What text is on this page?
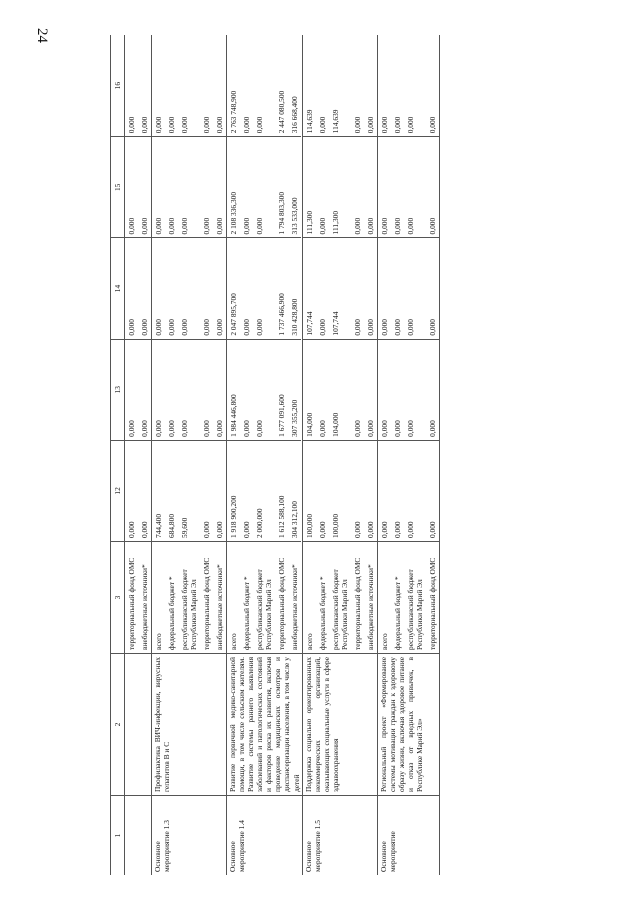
24
1
2
3
12
13
14
15
16
территориальный фонд ОМС
0,000
0,000
0,000
0,000
0,000
внебюджетные источники*
0,000
0,000
0,000
0,000
0,000
Основное мероприятие 1.3
Профилактика ВИЧ-инфекции, вирусных гепатитов В и С
всего
744,400
0,000
0,000
0,000
0,000
федеральный бюджет *
684,800
0,000
0,000
0,000
0,000
республиканский бюджет Республики Марий Эл
59,600
0,000
0,000
0,000
0,000
территориальный фонд ОМС
0,000
0,000
0,000
0,000
0,000
внебюджетные источники*
0,000
0,000
0,000
0,000
0,000
Основное мероприятие 1.4
Развитие первичной медико-санитарной помощи, в том числе сельским жителям. Развитие системы раннего выявления заболеваний и патологических состояний и факторов риска их развития, включая проведение медицинских осмотров и диспансеризации населения, в том числе у детей
всего
1 918 900,200
1 984 446,800
2 047 895,700
2 108 336,300
2 763 748,900
федеральный бюджет *
0,000
0,000
0,000
0,000
0,000
республиканский бюджет Республики Марий Эл
2 000,000
0,000
0,000
0,000
0,000
территориальный фонд ОМС
1 612 588,100
1 677 091,600
1 737 466,900
1 794 803,300
2 447 080,500
внебюджетные источники*
304 312,100
307 355,200
310 428,800
313 533,000
316 668,400
Основное мероприятие 1.5
Поддержка социально ориентированных некоммерческих организаций, оказывающих социальные услуги в сфере здравоохранения
всего
100,000
104,000
107,744
111,300
114,639
федеральный бюджет *
0,000
0,000
0,000
0,000
0,000
республиканский бюджет Республики Марий Эл
100,000
104,000
107,744
111,300
114,639
территориальный фонд ОМС
0,000
0,000
0,000
0,000
0,000
внебюджетные источники*
0,000
0,000
0,000
0,000
0,000
Основное мероприятие
Региональный проект «Формирование системы мотивации граждан к здоровому образу жизни, включая здоровое питание и отказ от вредных привычек, в Республике Марий Эл»
всего
0,000
0,000
0,000
0,000
0,000
федеральный бюджет *
0,000
0,000
0,000
0,000
0,000
республиканский бюджет Республики Марий Эл
0,000
0,000
0,000
0,000
0,000
территориальный фонд ОМС
0,000
0,000
0,000
0,000
0,000
